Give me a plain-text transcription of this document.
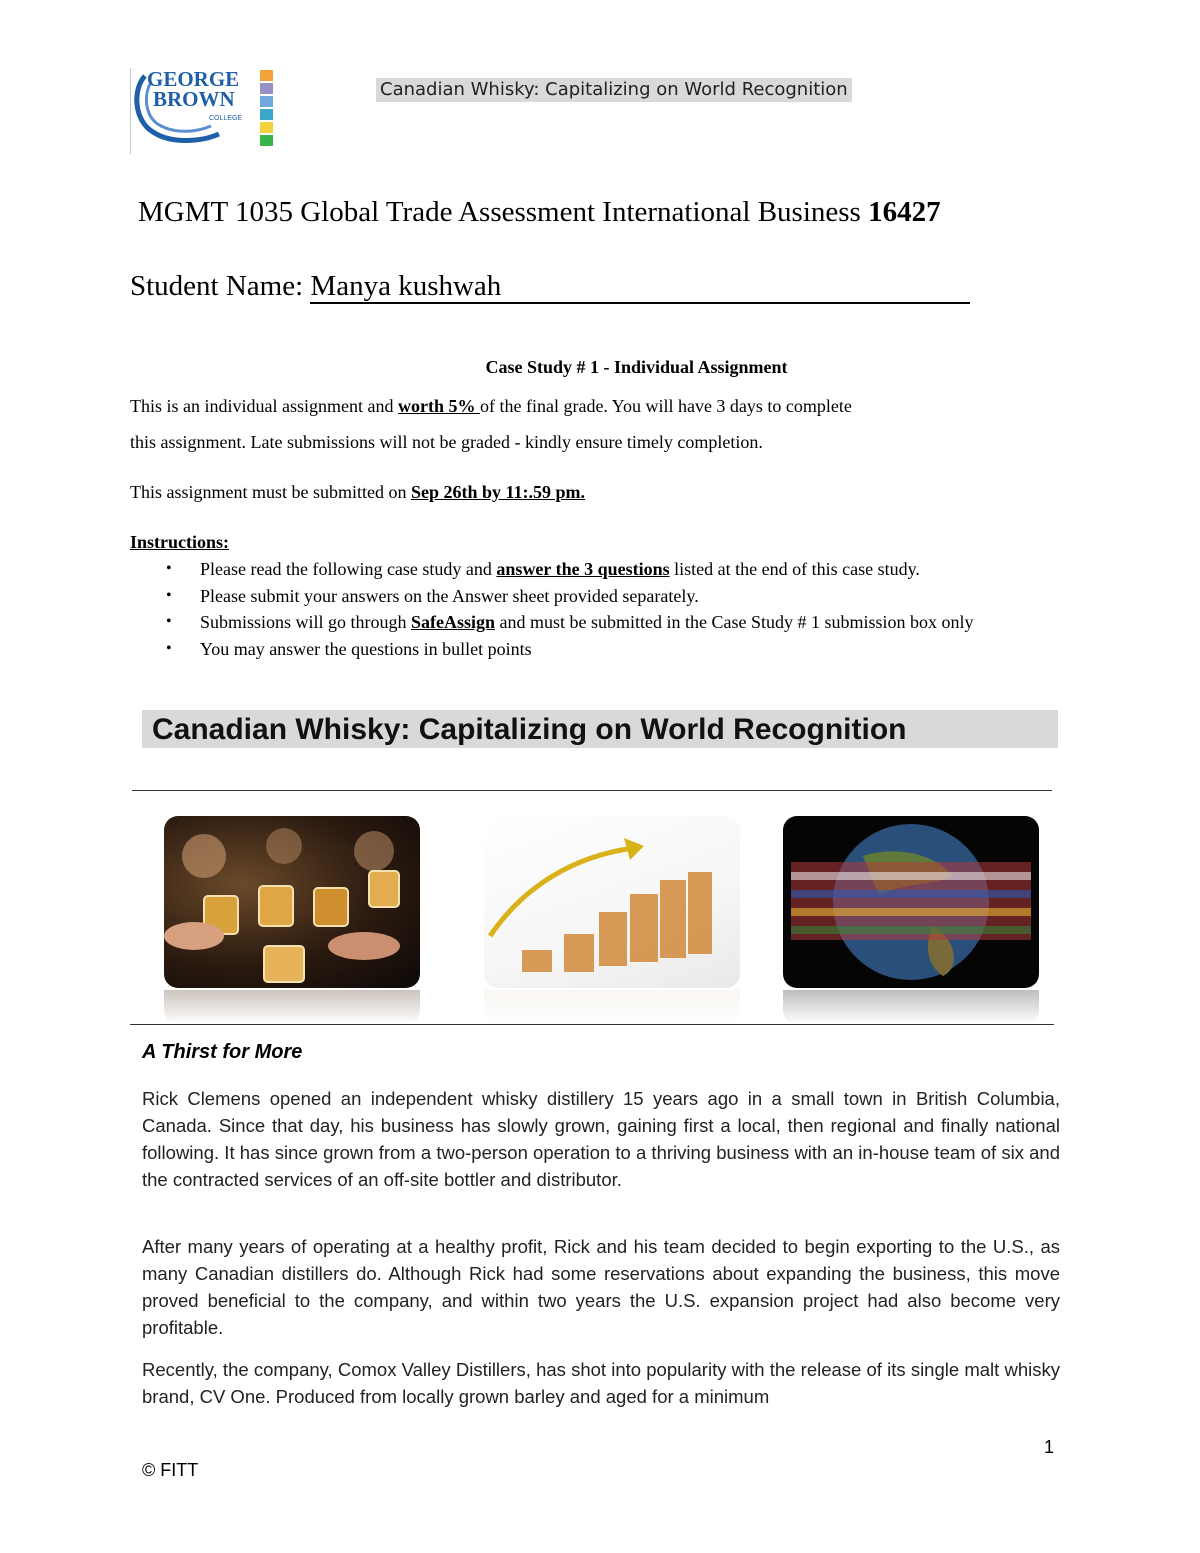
GEORGE
BROWN
COLLEGE
Canadian Whisky: Capitalizing on World Recognition
MGMT 1035 Global Trade Assessment International Business 16427
Student Name: Manya kushwah
Case Study # 1 - Individual Assignment
This is an individual assignment and worth 5% of the final grade. You will have 3 days to complete
this assignment. Late submissions will not be graded - kindly ensure timely completion.
This assignment must be submitted on Sep 26th by 11:.59 pm.
Instructions:
• Please read the following case study and answer the 3 questions listed at the end of this case study.
• Please submit your answers on the Answer sheet provided separately.
• Submissions will go through SafeAssign and must be submitted in the Case Study # 1 submission box only
• You may answer the questions in bullet points
Canadian Whisky: Capitalizing on World Recognition
A Thirst for More
Rick Clemens opened an independent whisky distillery 15 years ago in a small town in British Columbia, Canada. Since that day, his business has slowly grown, gaining first a local, then regional and finally national following. It has since grown from a two-person operation to a thriving business with an in-house team of six and the contracted services of an off-site bottler and distributor.
After many years of operating at a healthy profit, Rick and his team decided to begin exporting to the U.S., as many Canadian distillers do. Although Rick had some reservations about expanding the business, this move proved beneficial to the company, and within two years the U.S. expansion project had also become very profitable.
Recently, the company, Comox Valley Distillers, has shot into popularity with the release of its single malt whisky brand, CV One. Produced from locally grown barley and aged for a minimum
1
© FITT
